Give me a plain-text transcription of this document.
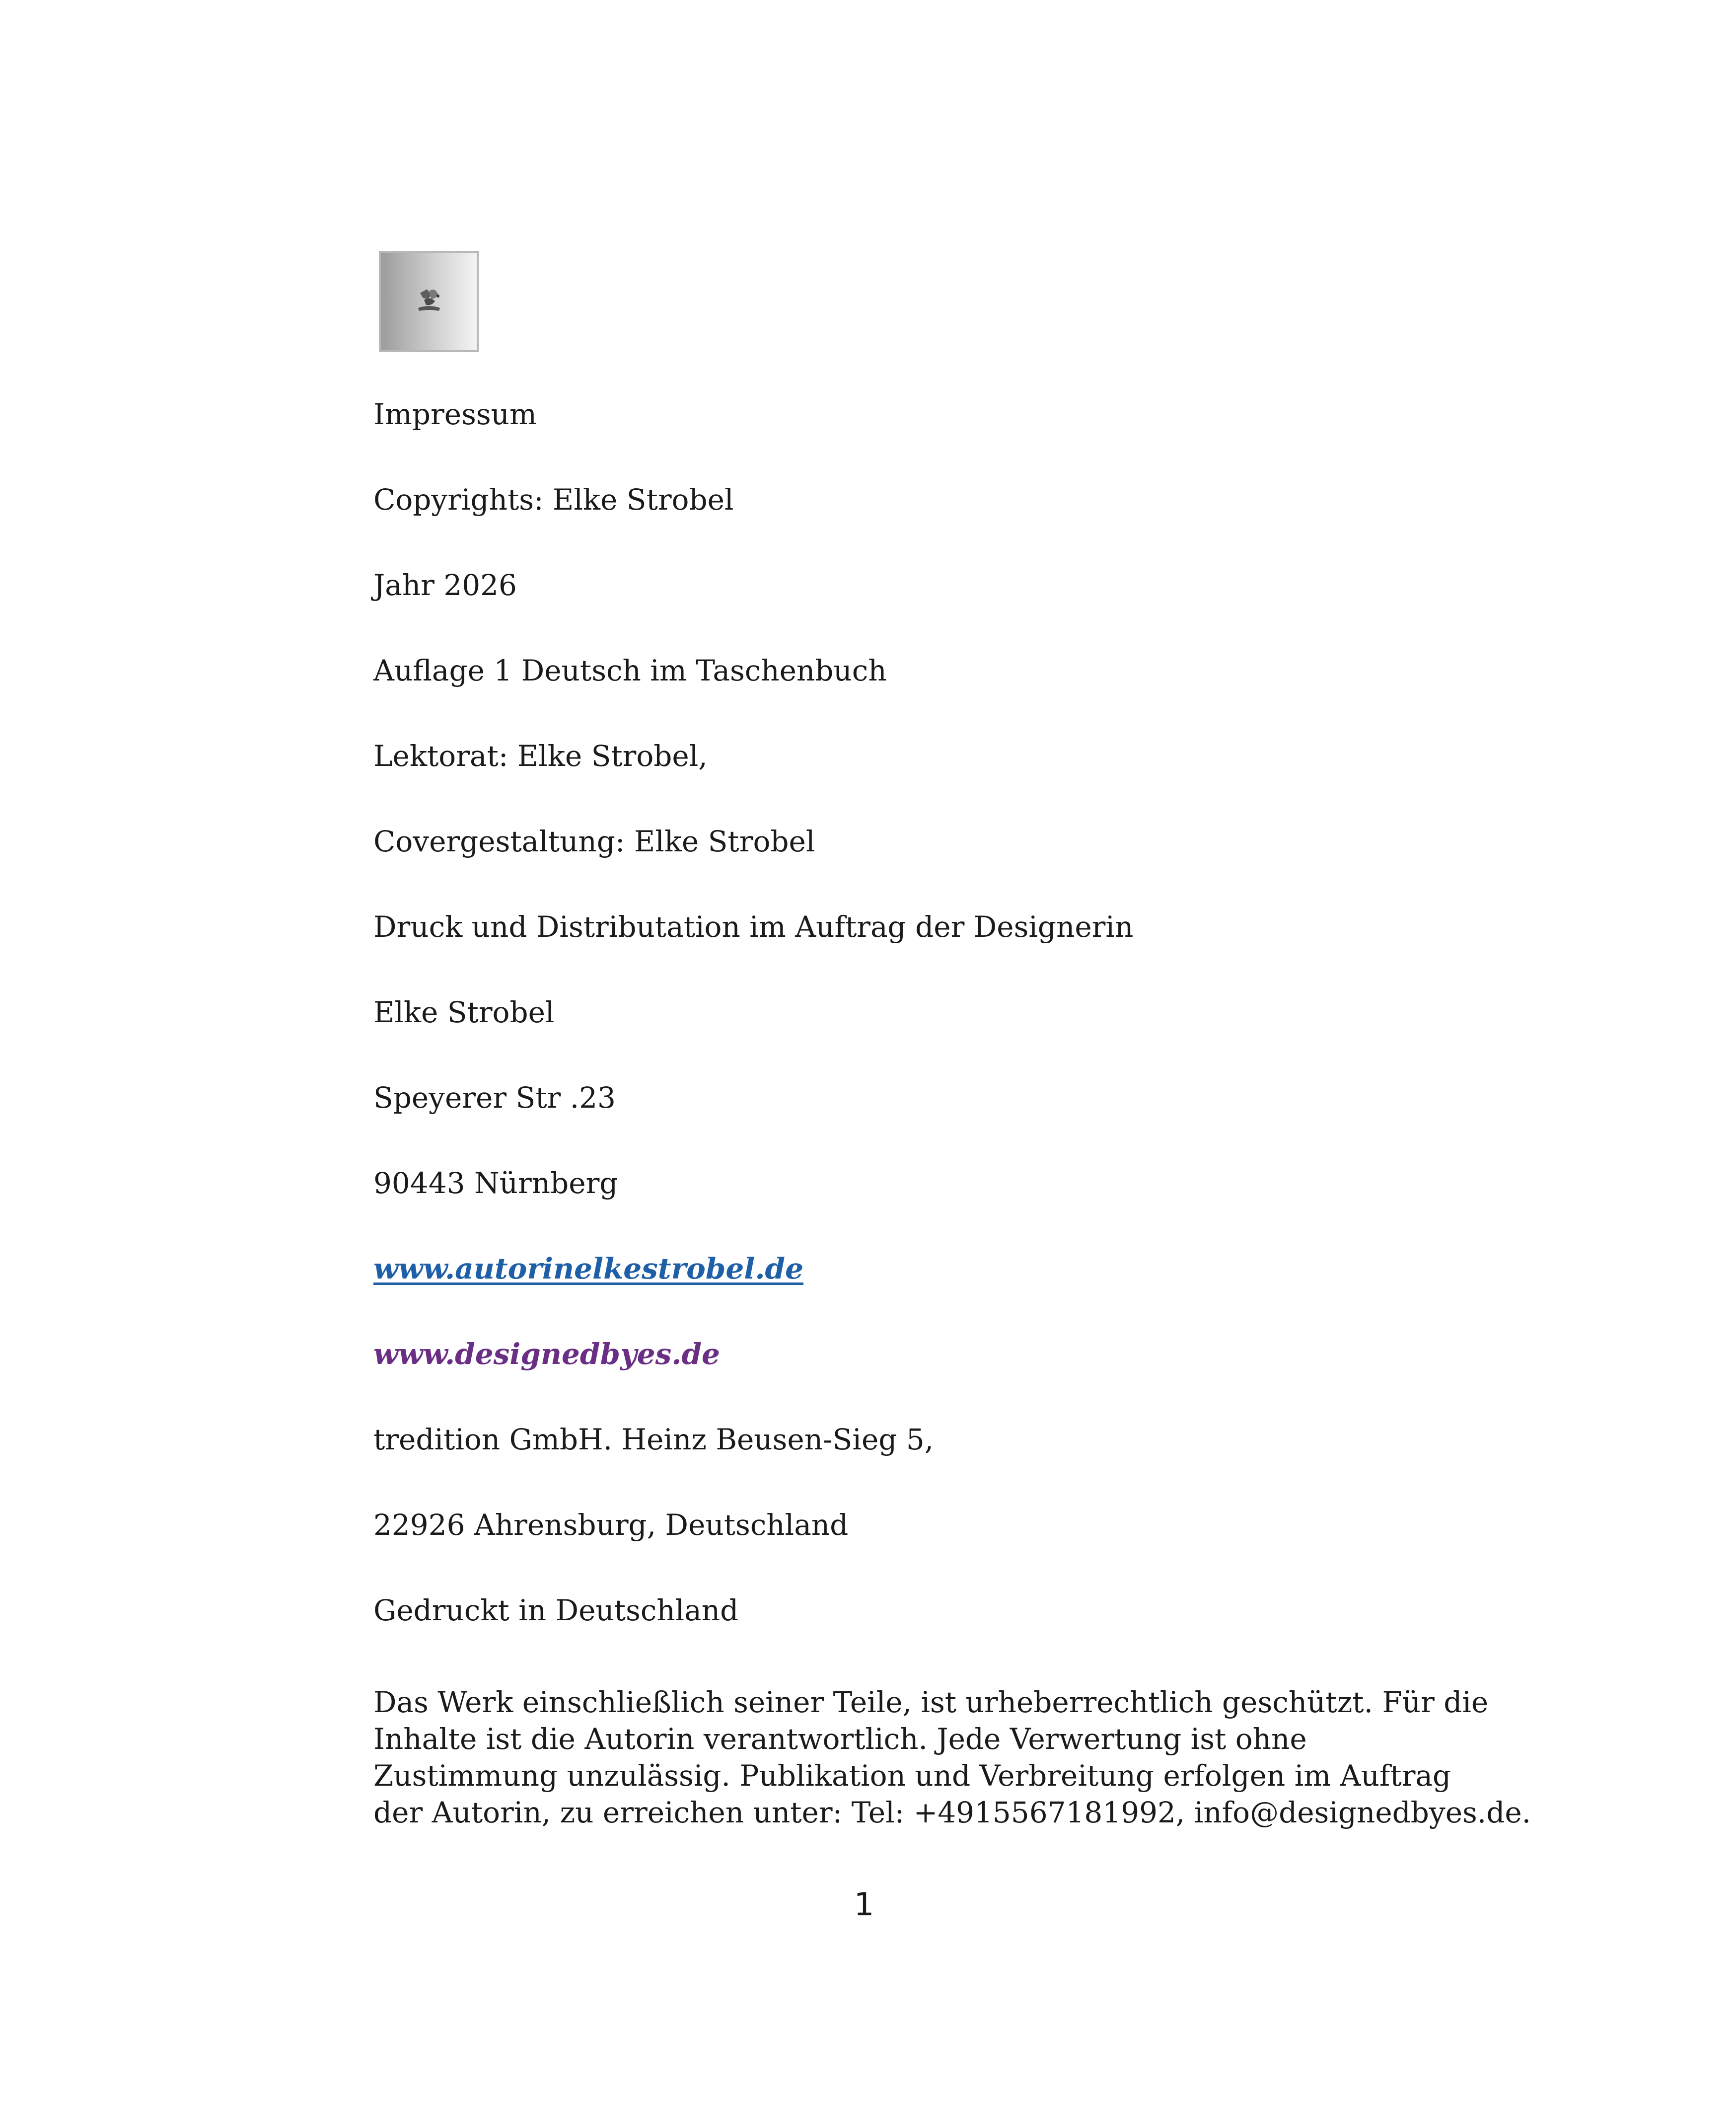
Impressum

Copyrights: Elke Strobel

Jahr 2026

Auflage 1 Deutsch im Taschenbuch

Lektorat: Elke Strobel,

Covergestaltung: Elke Strobel

Druck und Distributation im Auftrag der Designerin

Elke Strobel

Speyerer Str .23

90443 Nürnberg

www.autorinelkestrobel.de

www.designedbyes.de

tredition GmbH. Heinz Beusen-Sieg 5,

22926 Ahrensburg, Deutschland

Gedruckt in Deutschland

Das Werk einschließlich seiner Teile, ist urheberrechtlich geschützt. Für die
Inhalte ist die Autorin verantwortlich. Jede Verwertung ist ohne
Zustimmung unzulässig. Publikation und Verbreitung erfolgen im Auftrag
der Autorin, zu erreichen unter: Tel: +4915567181992, info@designedbyes.de.
1
